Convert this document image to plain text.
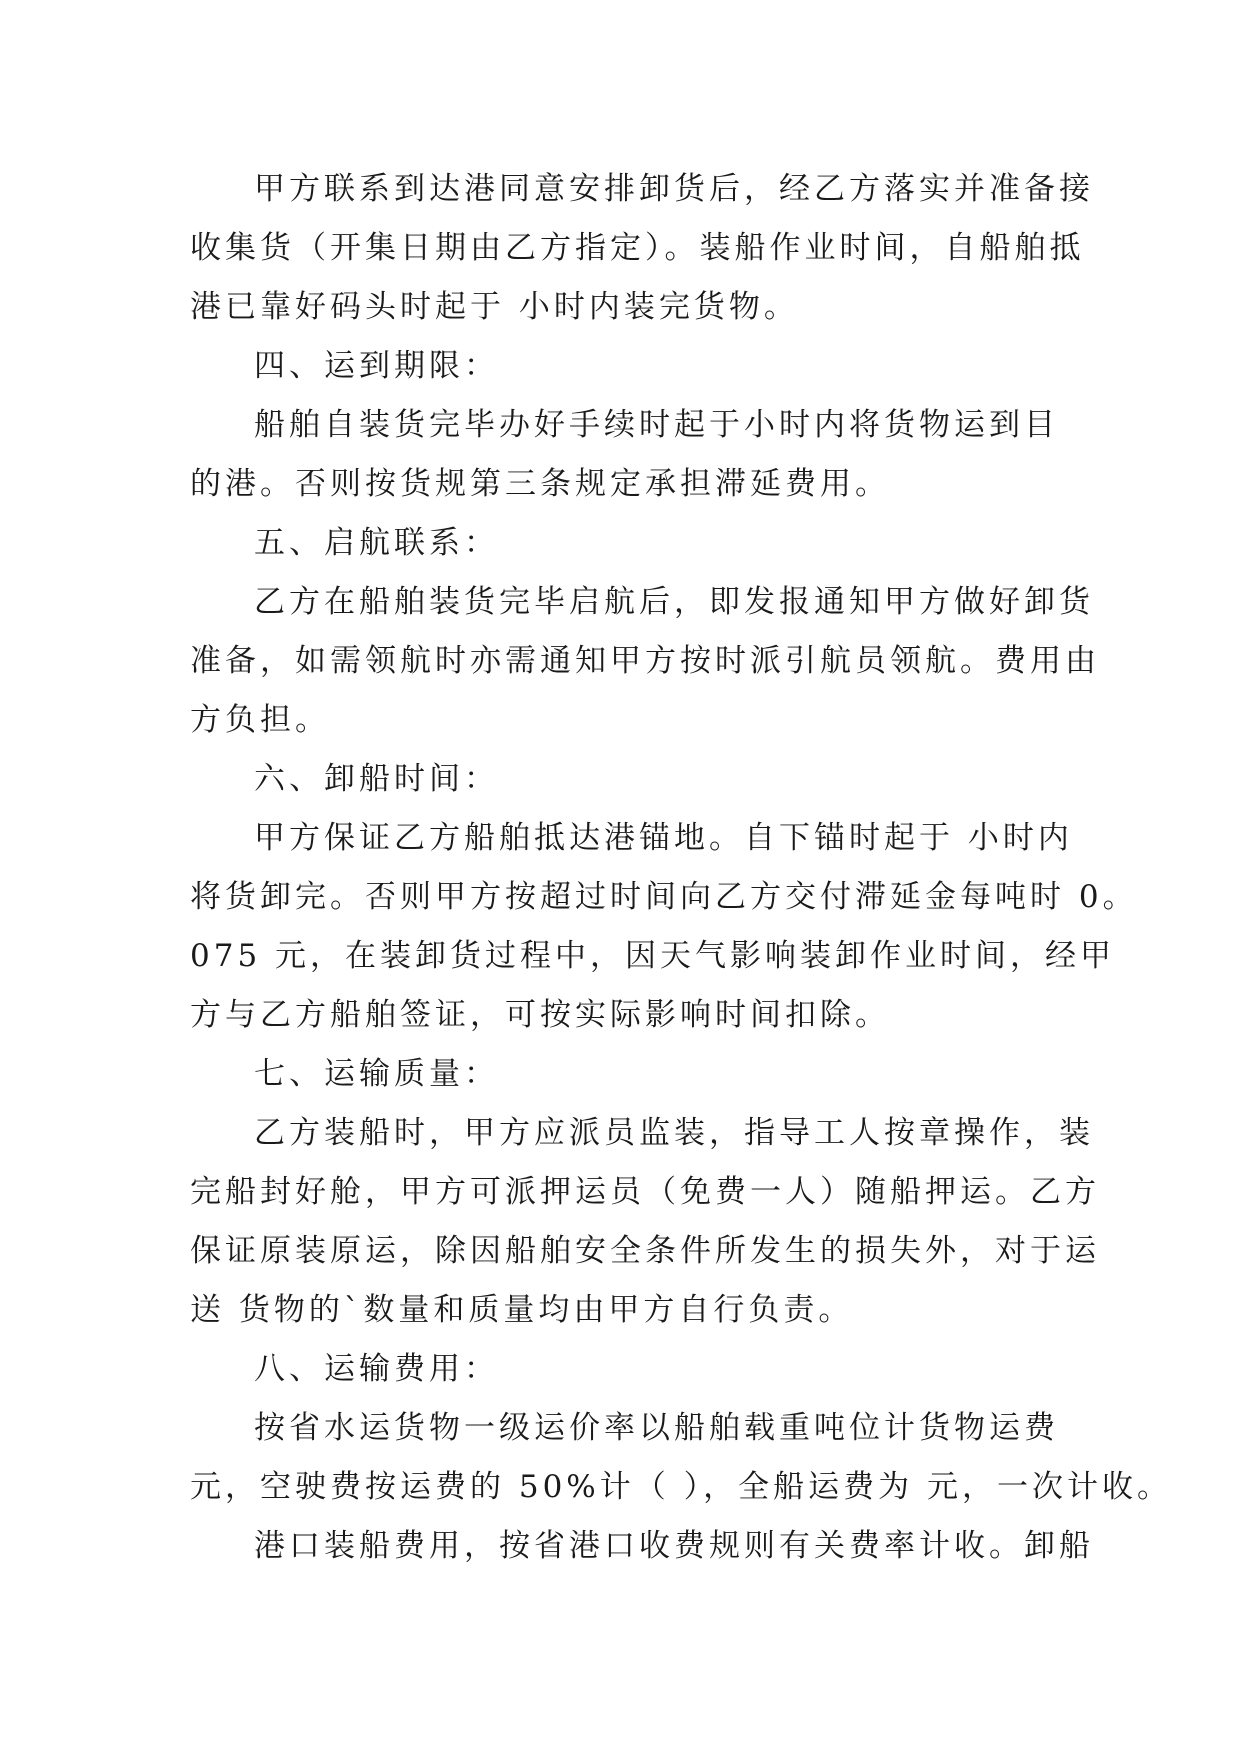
甲方联系到达港同意安排卸货后，经乙方落实并准备接
收集货（开集日期由乙方指定）。装船作业时间，自船舶抵
港已靠好码头时起于 小时内装完货物。
四、运到期限：
船舶自装货完毕办好手续时起于小时内将货物运到目
的港。否则按货规第三条规定承担滞延费用。
五、启航联系：
乙方在船舶装货完毕启航后，即发报通知甲方做好卸货
准备，如需领航时亦需通知甲方按时派引航员领航。费用由
方负担。
六、卸船时间：
甲方保证乙方船舶抵达港锚地。自下锚时起于 小时内
将货卸完。否则甲方按超过时间向乙方交付滞延金每吨时 0。
075 元，在装卸货过程中，因天气影响装卸作业时间，经甲
方与乙方船舶签证，可按实际影响时间扣除。
七、运输质量：
乙方装船时，甲方应派员监装，指导工人按章操作，装
完船封好舱，甲方可派押运员（免费一人）随船押运。乙方
保证原装原运，除因船舶安全条件所发生的损失外，对于运
送 货物的`数量和质量均由甲方自行负责。
八、运输费用：
按省水运货物一级运价率以船舶载重吨位计货物运费
元，空驶费按运费的 50%计（ ），全船运费为 元，一次计收。
港口装船费用，按省港口收费规则有关费率计收。卸船
